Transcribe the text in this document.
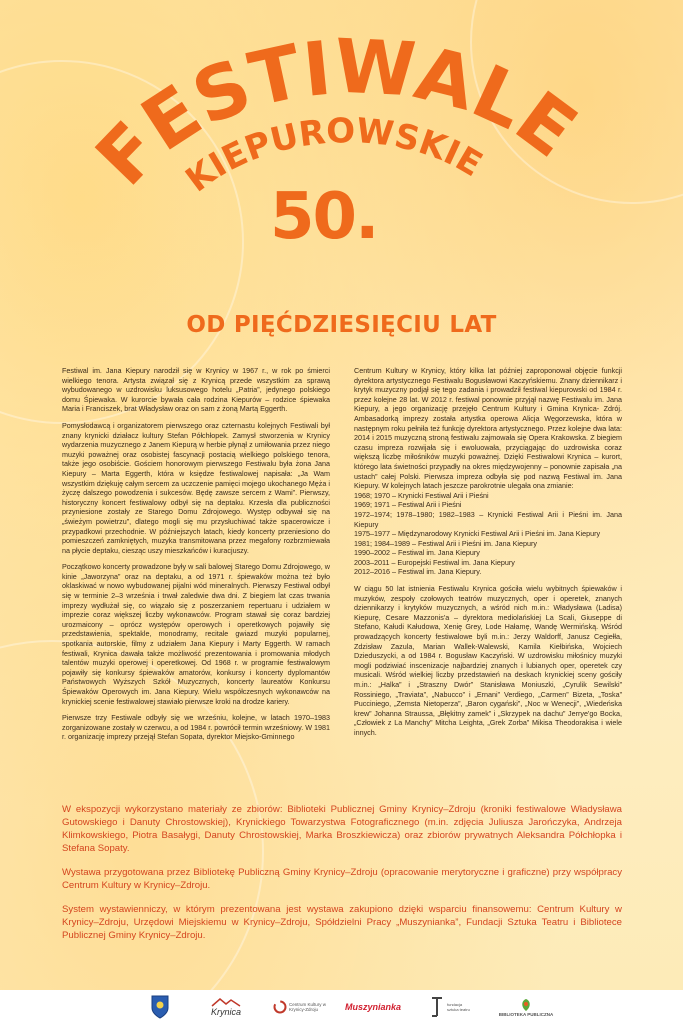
FESTIWALE
KIEPUROWSKIE
50.
OD PIĘĆDZIESIĘCIU LAT

Festiwal im. Jana Kiepury narodził się w Krynicy w 1967 r., w rok po śmierci wielkiego tenora. Artysta związał się z Krynicą przede wszystkim za sprawą wybudowanego w uzdrowisku luksusowego hotelu „Patria”, jedynego polskiego domu Śpiewaka. W kurorcie bywała cała rodzina Kiepurów – rodzice śpiewaka Maria i Franciszek, brat Władysław oraz on sam z żoną Martą Eggerth.

Pomysłodawcą i organizatorem pierwszego oraz czternastu kolejnych Festiwali był znany krynicki działacz kultury Stefan Półchłopek. Zamysł stworzenia w Krynicy wydarzenia muzycznego z Janem Kiepurą w herbie płynął z umiłowania przez niego muzyki poważnej oraz osobistej fascynacji postacią wielkiego polskiego tenora, także jego osobiście. Gościem honorowym pierwszego Festiwalu była żona Jana Kiepury – Marta Eggerth, która w księdze festiwalowej napisała: „Ja Wam wszystkim dziękuję całym sercem za uczczenie pamięci mojego ukochanego Męża i życzę dalszego powodzenia i sukcesów. Będę zawsze sercem z Wami”. Pierwszy, historyczny koncert festiwalowy odbył się na deptaku. Krzesła dla publiczności przyniesione zostały ze Starego Domu Zdrojowego. Występ odbywał się na „świeżym powietrzu”, dlatego mogli się mu przysłuchiwać także spacerowicze i przypadkowi przechodnie. W późniejszych latach, kiedy koncerty przeniesiono do pomieszczeń zamkniętych, muzyka transmitowana przez megafony rozbrzmiewała na płycie deptaku, ciesząc uszy mieszkańców i kuracjuszy.

Początkowo koncerty prowadzone były w sali balowej Starego Domu Zdrojowego, w kinie „Jaworzyna” oraz na deptaku, a od 1971 r. śpiewaków można też było oklaskiwać w nowo wybudowanej pijalni wód mineralnych. Pierwszy Festiwal odbył się w terminie 2–3 września i trwał zaledwie dwa dni. Z biegiem lat czas trwania imprezy wydłużał się, co wiązało się z poszerzaniem repertuaru i udziałem w imprezie coraz większej liczby wykonawców. Program stawał się coraz bardziej urozmaicony – oprócz występów operowych i operetkowych pojawiły się przedstawienia, spektakle, monodramy, recitale gwiazd muzyki popularnej, spotkania autorskie, filmy z udziałem Jana Kiepury i Marty Eggerth. W ramach festiwali, Krynica dawała także możliwość prezentowania i promowania młodych talentów muzyki operowej i operetkowej. Od 1968 r. w programie festiwalowym pojawiły się konkursy śpiewaków amatorów, konkursy i koncerty dyplomantów Państwowych Wyższych Szkół Muzycznych, koncerty laureatów Konkursu Śpiewaków Operowych im. Jana Kiepury. Wielu współczesnych wykonawców na krynickiej scenie festiwalowej stawiało pierwsze kroki na drodze kariery.

Pierwsze trzy Festiwale odbyły się we wrześniu, kolejne, w latach 1970–1983 zorganizowane zostały w czerwcu, a od 1984 r. powrócił termin wrześniowy. W 1981 r. organizację imprezy przejął Stefan Sopata, dyrektor Miejsko-Gminnego

Centrum Kultury w Krynicy, który kilka lat później zaproponował objęcie funkcji dyrektora artystycznego Festiwalu Bogusławowi Kaczyńskiemu. Znany dziennikarz i krytyk muzyczny podjął się tego zadania i prowadził festiwal kiepurowski od 1984 r. przez kolejne 28 lat. W 2012 r. festiwal ponownie przyjął nazwę Festiwalu im. Jana Kiepury, a jego organizację przejęło Centrum Kultury i Gmina Krynica- Zdrój. Ambasadorką imprezy została artystka operowa Alicja Węgorzewska, która w następnym roku pełniła też funkcję dyrektora artystycznego. Przez kolejne dwa lata: 2014 i 2015 muzyczną stroną festiwalu zajmowała się Opera Krakowska. Z biegiem czasu impreza rozwijała się i ewoluowała, przyciągając do uzdrowiska coraz większą liczbę miłośników muzyki poważnej. Dzięki Festiwalowi Krynica – kurort, którego lata świetności przypadły na okres międzywojenny – ponownie zapisała „na ustach” całej Polski. Pierwsza impreza odbyła się pod nazwą Festiwal im. Jana Kiepury. W kolejnych latach jeszcze parokrotnie ulegała ona zmianie:

1968; 1970 – Krynicki Festiwal Arii i Pieśni
1969; 1971 – Festiwal Arii i Pieśni
1972–1974; 1978–1980; 1982–1983 – Krynicki Festiwal Arii i Pieśni im. Jana Kiepury
1975–1977 – Międzynarodowy Krynicki Festiwal Arii i Pieśni im. Jana Kiepury
1981; 1984–1989 – Festiwal Arii i Pieśni im. Jana Kiepury
1990–2002 – Festiwal im. Jana Kiepury
2003–2011 – Europejski Festiwal im. Jana Kiepury
2012–2016 – Festiwal im. Jana Kiepury.

W ciągu 50 lat istnienia Festiwalu Krynica gościła wielu wybitnych śpiewaków i muzyków, zespoły czołowych teatrów muzycznych, oper i operetek, znanych dziennikarzy i krytyków muzycznych, a wśród nich m.in.: Władysława (Ladisa) Kiepurę, Cesare Mazzonis'a – dyrektora mediolańskiej La Scali, Giuseppe di Stefano, Kałudi Kałudowa, Xenię Grey, Lode Hałamę, Wandę Wermińską. Wśród prowadzących koncerty festiwalowe byli m.in.: Jerzy Waldorff, Janusz Cegiełła, Zdzisław Zazula, Marian Wallek-Walewski, Kamila Kiełbińska, Wojciech Dzieduszycki, a od 1984 r. Bogusław Kaczyński. W uzdrowisku miłośnicy muzyki mogli podziwiać inscenizacje najbardziej znanych i lubianych oper, operetek czy musicali. Wśród wielkiej liczby przedstawień na deskach krynickiej sceny gościły m.in.: „Halka” i „Straszny Dwór” Stanisława Moniuszki, „Cyrulik Sewilski” Rossiniego, „Traviata”, „Nabucco” i „Ernani” Verdiego, „Carmen” Bizeta, „Toska” Pucciniego, „Zemsta Nietoperza”, „Baron cygański”, „Noc w Wenecji”, „Wiedeńska krew” Johanna Straussa, „Błękitny zamek” i „Skrzypek na dachu” Jerrye'go Bocka, „Człowiek z La Manchy” Mitcha Leighta, „Grek Zorba” Mikisa Theodorakisa i wiele innych.

W ekspozycji wykorzystano materiały ze zbiorów: Biblioteki Publicznej Gminy Krynicy–Zdroju (kroniki festiwalowe Władysława Gutowskiego i Danuty Chrostowskiej), Krynickiego Towarzystwa Fotograficznego (m.in. zdjęcia Juliusza Jarończyka, Andrzeja Klimkowskiego, Piotra Basałygi, Danuty Chrostowskiej, Marka Broszkiewicza) oraz zbiorów prywatnych Aleksandra Półchłopka i Stefana Sopaty.

Wystawa przygotowana przez Bibliotekę Publiczną Gminy Krynicy–Zdroju (opracowanie merytoryczne i graficzne) przy współpracy Centrum Kultury w Krynicy–Zdroju.

System wystawienniczy, w którym prezentowana jest wystawa zakupiono dzięki wsparciu finansowemu: Centrum Kultury w Krynicy–Zdroju, Urzędowi Miejskiemu w Krynicy–Zdroju, Spółdzielni Pracy „Muszynianka”, Fundacji Sztuka Teatru i Bibliotece Publicznej Gminy Krynicy–Zdroju.

Krynica
Centrum Kultury w Krynicy-Zdroju	Muszynianka	fundacja sztuka teatru
BIBLIOTEKA PUBLICZNA
